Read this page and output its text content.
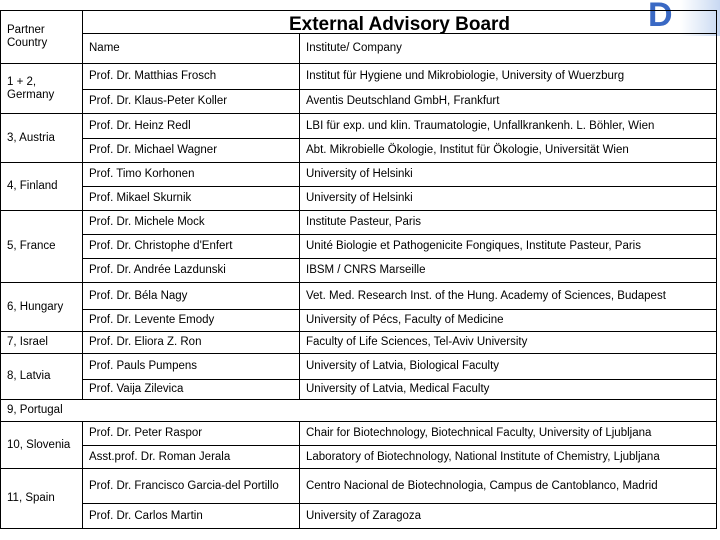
D
Partner Country	External Advisory Board	
	Name	Institute/ Company
1 + 2, Germany	Prof. Dr. Matthias Frosch	Institut für Hygiene und Mikrobiologie, University of Wuerzburg
	Prof. Dr. Klaus-Peter Koller	Aventis Deutschland GmbH, Frankfurt
3, Austria	Prof. Dr. Heinz Redl	LBI für exp. und klin. Traumatologie, Unfallkrankenh. L. Böhler, Wien
	Prof. Dr. Michael Wagner	Abt. Mikrobielle Ökologie, Institut für Ökologie, Universität Wien
4, Finland	Prof. Timo Korhonen	University of Helsinki
	Prof. Mikael Skurnik	University of Helsinki
5, France	Prof. Dr. Michele Mock	Institute Pasteur, Paris
	Prof. Dr. Christophe d'Enfert	Unité Biologie et Pathogenicite Fongiques, Institute Pasteur, Paris
	Prof. Dr. Andrée Lazdunski	IBSM / CNRS Marseille
6, Hungary	Prof. Dr. Béla Nagy	Vet. Med. Research Inst. of the Hung. Academy of Sciences, Budapest
	Prof. Dr. Levente Emody	University of Pécs, Faculty of Medicine
7, Israel	Prof. Dr. Eliora Z. Ron	Faculty of Life Sciences, Tel-Aviv University
8, Latvia	Prof. Pauls Pumpens	University of Latvia, Biological Faculty
	Prof. Vaija Zilevica	University of Latvia, Medical Faculty
9, Portugal		
10, Slovenia	Prof. Dr. Peter Raspor	Chair for Biotechnology, Biotechnical Faculty, University of Ljubljana
	Asst.prof. Dr. Roman Jerala	Laboratory of Biotechnology, National Institute of Chemistry, Ljubljana
11, Spain	Prof. Dr. Francisco Garcia-del Portillo	Centro Nacional de Biotechnologia, Campus de Cantoblanco, Madrid
	Prof. Dr. Carlos Martin	University of Zaragoza
